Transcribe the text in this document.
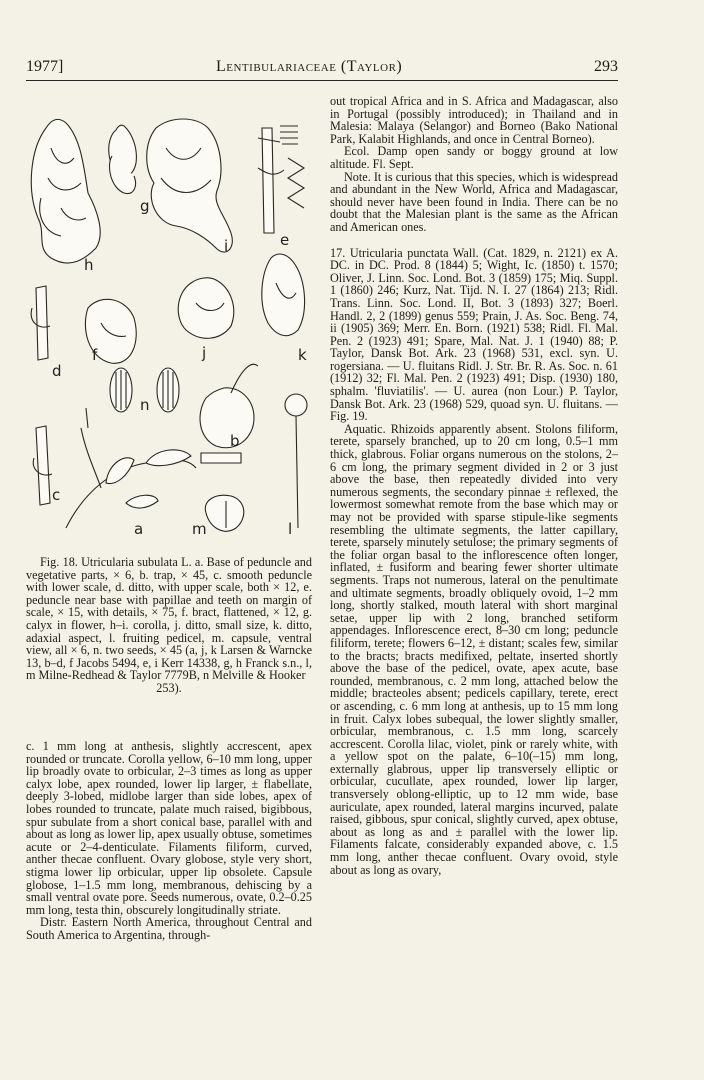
1977]	Lentibulariaceae (Taylor)	293
g
i	e
h
f	j	k
d
n
b
c
a	m	l

Fig. 18. Utricularia subulata L. a. Base of peduncle and vegetative parts, × 6, b. trap, × 45, c. smooth peduncle with lower scale, d. ditto, with upper scale, both × 12, e. peduncle near base with papillae and teeth on margin of scale, × 15, with details, × 75, f. bract, flattened, × 12, g. calyx in flower, h–i. corolla, j. ditto, small size, k. ditto, adaxial aspect, l. fruiting pedicel, m. capsule, ventral view, all × 6, n. two seeds, × 45 (a, j, k Larsen & Warncke 13, b–d, f Jacobs 5494, e, i Kerr 14338, g, h Franck s.n., l, m Milne-Redhead & Taylor 7779B, n Melville & Hooker

253).

c. 1 mm long at anthesis, slightly accrescent, apex rounded or truncate. Corolla yellow, 6–10 mm long, upper lip broadly ovate to orbicular, 2–3 times as long as upper calyx lobe, apex rounded, lower lip larger, ± flabellate, deeply 3-lobed, midlobe larger than side lobes, apex of lobes rounded to truncate, palate much raised, bigibbous, spur subulate from a short conical base, parallel with and about as long as lower lip, apex usually obtuse, sometimes acute or 2–4-denticulate. Filaments filiform, curved, anther thecae confluent. Ovary globose, style very short, stigma lower lip orbicular, upper lip obsolete. Capsule globose, 1–1.5 mm long, membranous, dehiscing by a small ventral ovate pore. Seeds numerous, ovate, 0.2–0.25 mm long, testa thin, obscurely longitudinally striate.

Distr. Eastern North America, throughout Central and South America to Argentina, through-

out tropical Africa and in S. Africa and Madagascar, also in Portugal (possibly introduced); in Thailand and in Malesia: Malaya (Selangor) and Borneo (Bako National Park, Kalabit Highlands, and once in Central Borneo).

Ecol. Damp open sandy or boggy ground at low altitude. Fl. Sept.

Note. It is curious that this species, which is widespread and abundant in the New World, Africa and Madagascar, should never have been found in India. There can be no doubt that the Malesian plant is the same as the African and American ones.

17. Utricularia punctata Wall. (Cat. 1829, n. 2121) ex A. DC. in DC. Prod. 8 (1844) 5; Wight, Ic. (1850) t. 1570; Oliver, J. Linn. Soc. Lond. Bot. 3 (1859) 175; Miq. Suppl. 1 (1860) 246; Kurz, Nat. Tijd. N. I. 27 (1864) 213; Ridl. Trans. Linn. Soc. Lond. II, Bot. 3 (1893) 327; Boerl. Handl. 2, 2 (1899) genus 559; Prain, J. As. Soc. Beng. 74, ii (1905) 369; Merr. En. Born. (1921) 538; Ridl. Fl. Mal. Pen. 2 (1923) 491; Spare, Mal. Nat. J. 1 (1940) 88; P. Taylor, Dansk Bot. Ark. 23 (1968) 531, excl. syn. U. rogersiana. — U. fluitans Ridl. J. Str. Br. R. As. Soc. n. 61 (1912) 32; Fl. Mal. Pen. 2 (1923) 491; Disp. (1930) 180, sphalm. 'fluviatilis'. — U. aurea (non Lour.) P. Taylor, Dansk Bot. Ark. 23 (1968) 529, quoad syn. U. fluitans. — Fig. 19.

Aquatic. Rhizoids apparently absent. Stolons filiform, terete, sparsely branched, up to 20 cm long, 0.5–1 mm thick, glabrous. Foliar organs numerous on the stolons, 2–6 cm long, the primary segment divided in 2 or 3 just above the base, then repeatedly divided into very numerous segments, the secondary pinnae ± reflexed, the lowermost somewhat remote from the base which may or may not be provided with sparse stipule-like segments resembling the ultimate segments, the latter capillary, terete, sparsely minutely setulose; the primary segments of the foliar organ basal to the inflorescence often longer, inflated, ± fusiform and bearing fewer shorter ultimate segments. Traps not numerous, lateral on the penultimate and ultimate segments, broadly obliquely ovoid, 1–2 mm long, shortly stalked, mouth lateral with short marginal setae, upper lip with 2 long, branched setiform appendages. Inflorescence erect, 8–30 cm long; peduncle filiform, terete; flowers 6–12, ± distant; scales few, similar to the bracts; bracts medifixed, peltate, inserted shortly above the base of the pedicel, ovate, apex acute, base rounded, membranous, c. 2 mm long, attached below the middle; bracteoles absent; pedicels capillary, terete, erect or ascending, c. 6 mm long at anthesis, up to 15 mm long in fruit. Calyx lobes subequal, the lower slightly smaller, orbicular, membranous, c. 1.5 mm long, scarcely accrescent. Corolla lilac, violet, pink or rarely white, with a yellow spot on the palate, 6–10(–15) mm long, externally glabrous, upper lip transversely elliptic or orbicular, cucullate, apex rounded, lower lip larger, transversely oblong-elliptic, up to 12 mm wide, base auriculate, apex rounded, lateral margins incurved, palate raised, gibbous, spur conical, slightly curved, apex obtuse, about as long as and ± parallel with the lower lip. Filaments falcate, considerably expanded above, c. 1.5 mm long, anther thecae confluent. Ovary ovoid, style about as long as ovary,
